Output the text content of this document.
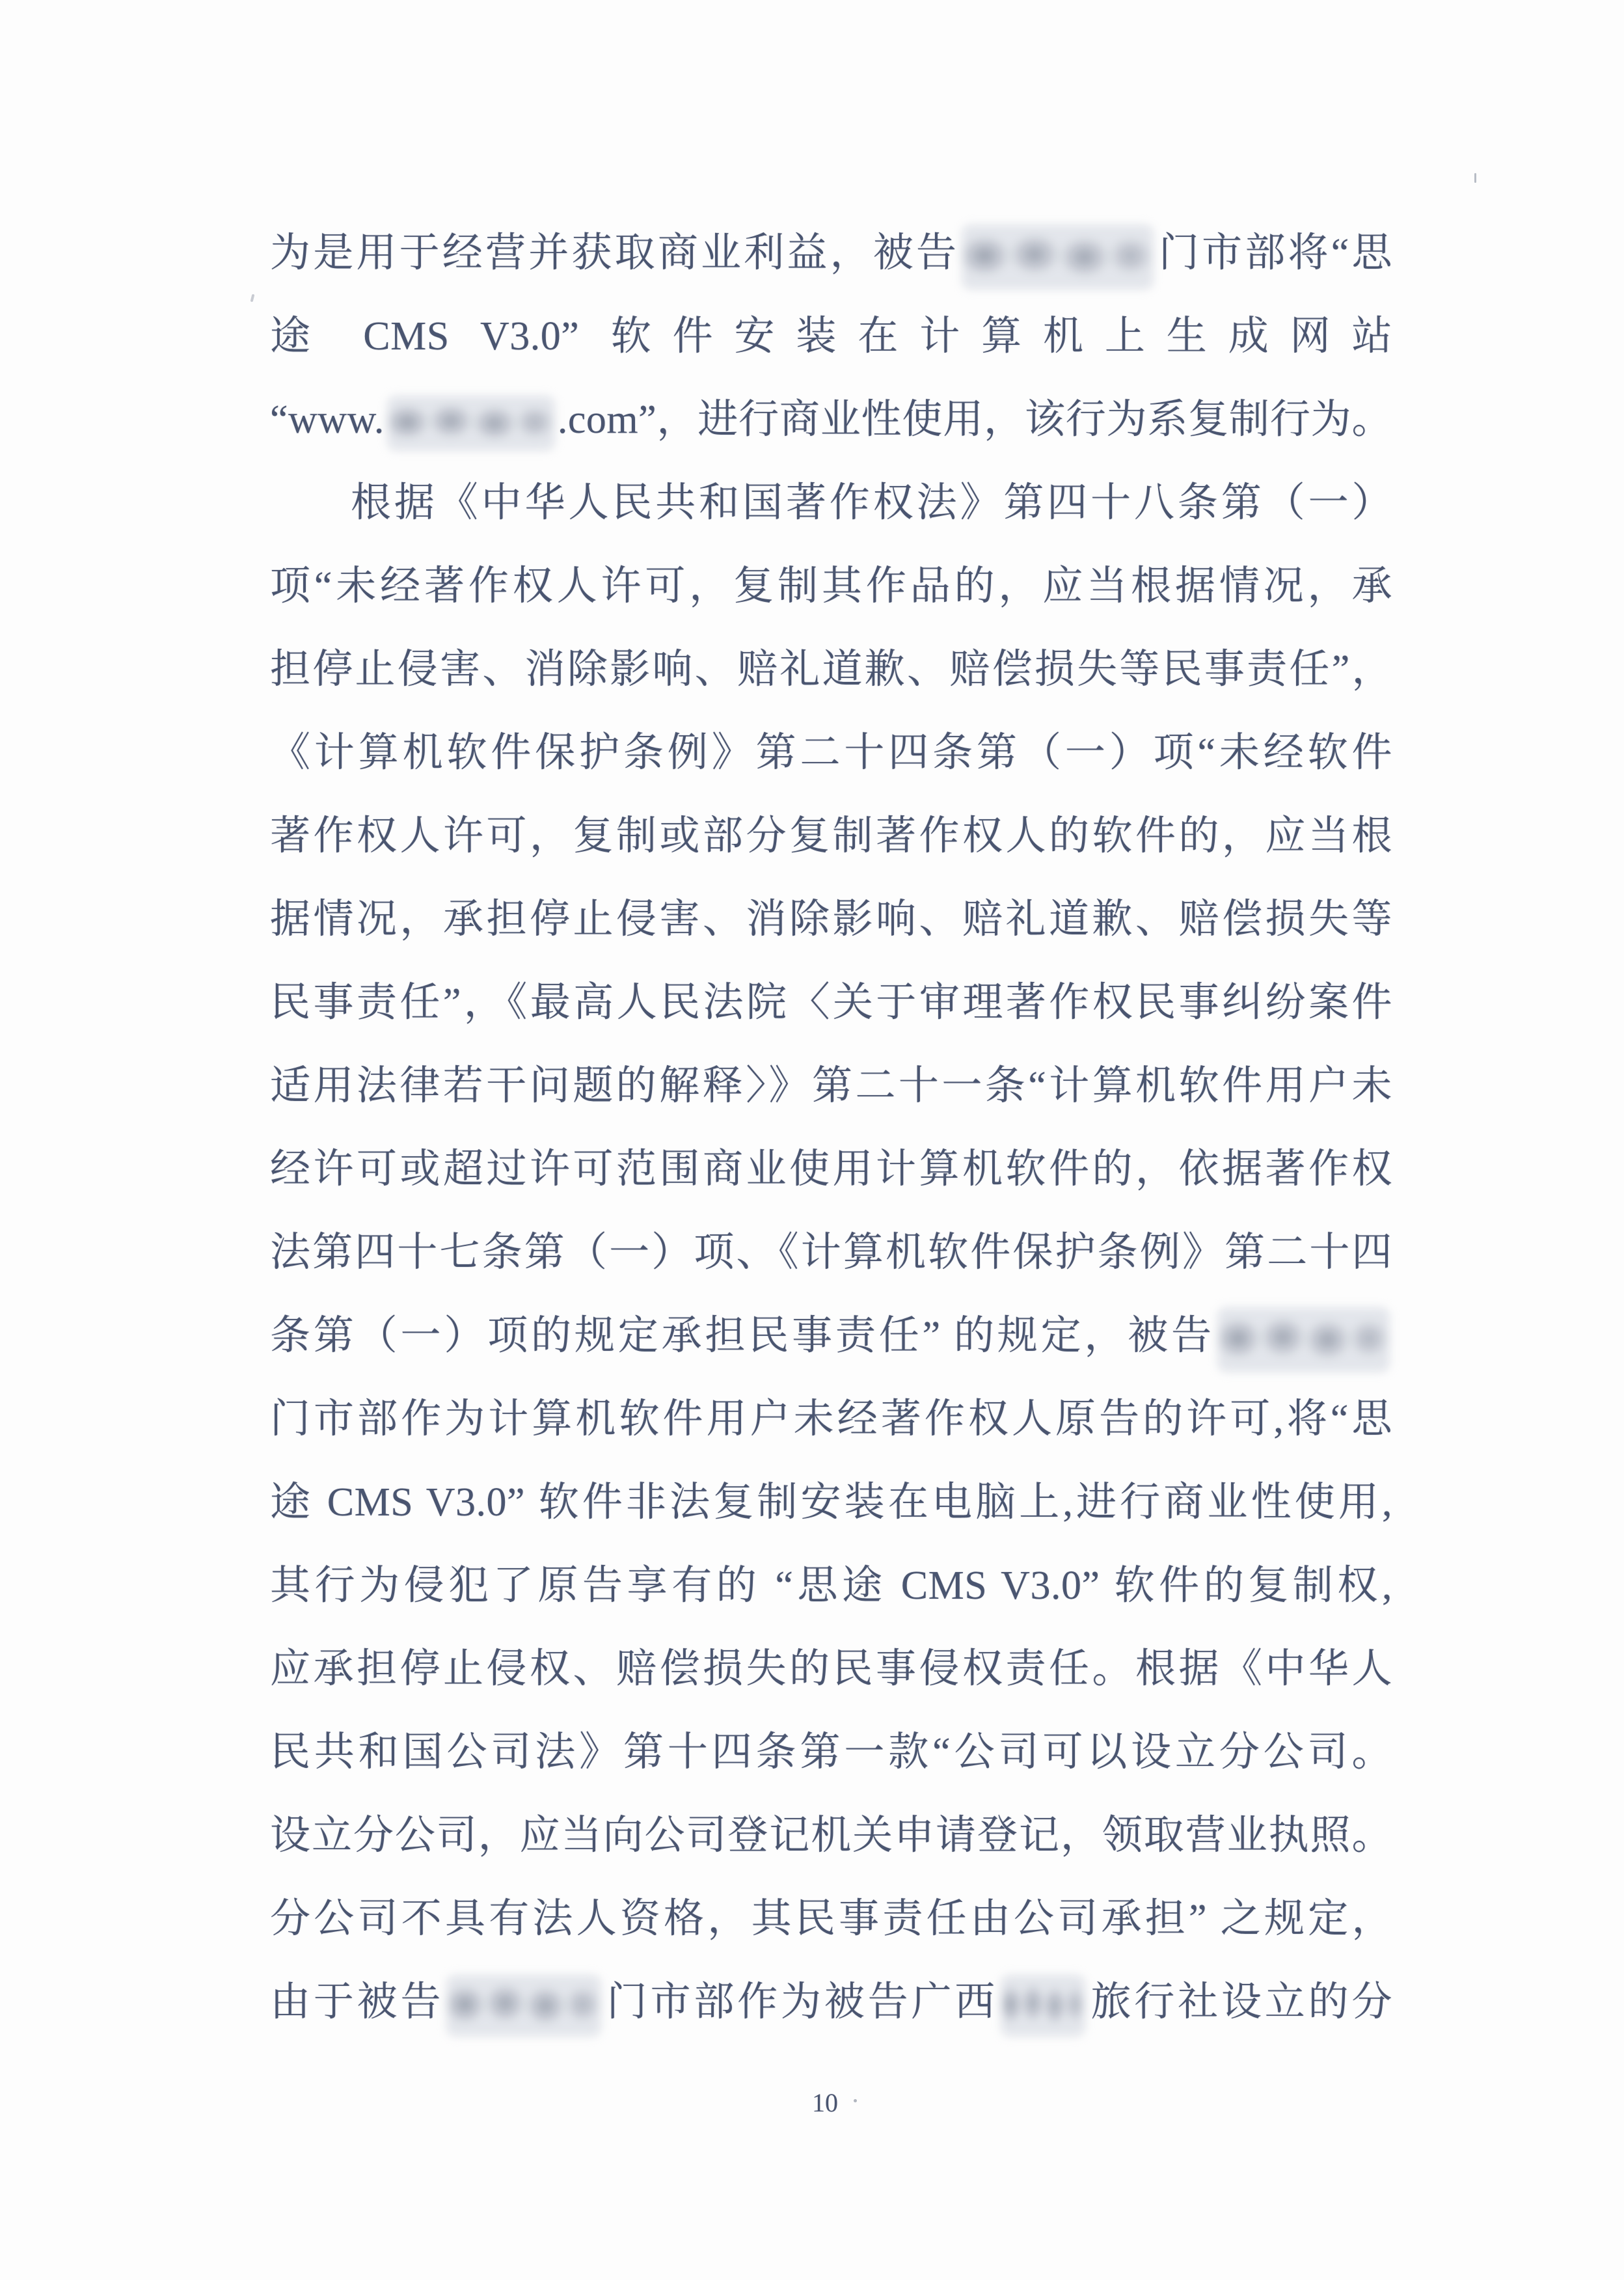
为是用于经营并获取商业利益，被告	门市部将“思
途 CMS V3.0” 软件安装在计算机上生成网站
“www.	.com”，进行商业性使用，该行为系复制行为。
根据《中华人民共和国著作权法》第四十八条第（一）
项“未经著作权人许可，复制其作品的，应当根据情况，承
担停止侵害、消除影响、赔礼道歉、赔偿损失等民事责任”，
《计算机软件保护条例》第二十四条第（一）项“未经软件
著作权人许可，复制或部分复制著作权人的软件的，应当根
据情况，承担停止侵害、消除影响、赔礼道歉、赔偿损失等
民事责任”，《最高人民法院〈关于审理著作权民事纠纷案件
适用法律若干问题的解释〉》第二十一条“计算机软件用户未
经许可或超过许可范围商业使用计算机软件的，依据著作权
法第四十七条第（一）项、《计算机软件保护条例》第二十四
条第（一）项的规定承担民事责任” 的规定，被告
门市部作为计算机软件用户未经著作权人原告的许可,将“思
途 CMS V3.0” 软件非法复制安装在电脑上,进行商业性使用,
其行为侵犯了原告享有的 “思途 CMS V3.0” 软件的复制权,
应承担停止侵权、赔偿损失的民事侵权责任。根据《中华人
民共和国公司法》第十四条第一款“公司可以设立分公司。
设立分公司，应当向公司登记机关申请登记，领取营业执照。
分公司不具有法人资格，其民事责任由公司承担” 之规定，
由于被告	门市部作为被告广西 旅行社设立的分
10
